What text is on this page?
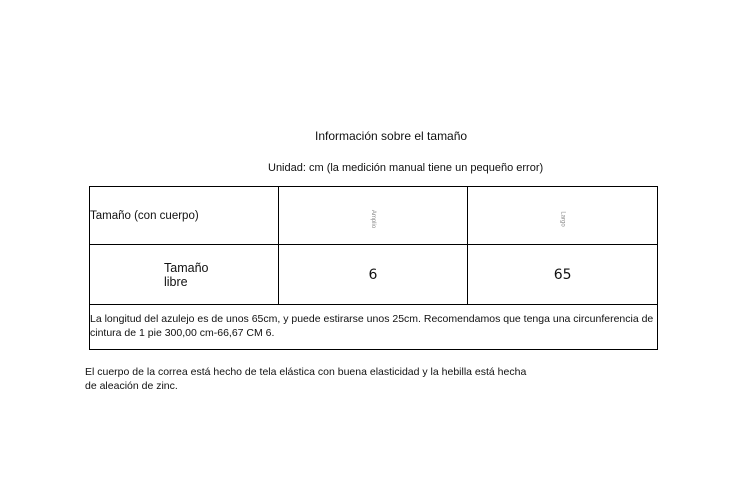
Información sobre el tamaño
Unidad: cm (la medición manual tiene un pequeño error)
Tamaño (con cuerpo)	Amplio	Largo

Tamaño libre	6	65
La longitud del azulejo es de unos 65cm, y puede estirarse unos 25cm. Recomendamos que tenga una circunferencia de cintura de 1 pie 300,00 cm-66,67 CM 6.		
El cuerpo de la correa está hecho de tela elástica con buena elasticidad y la hebilla está hecha de aleación de zinc.
